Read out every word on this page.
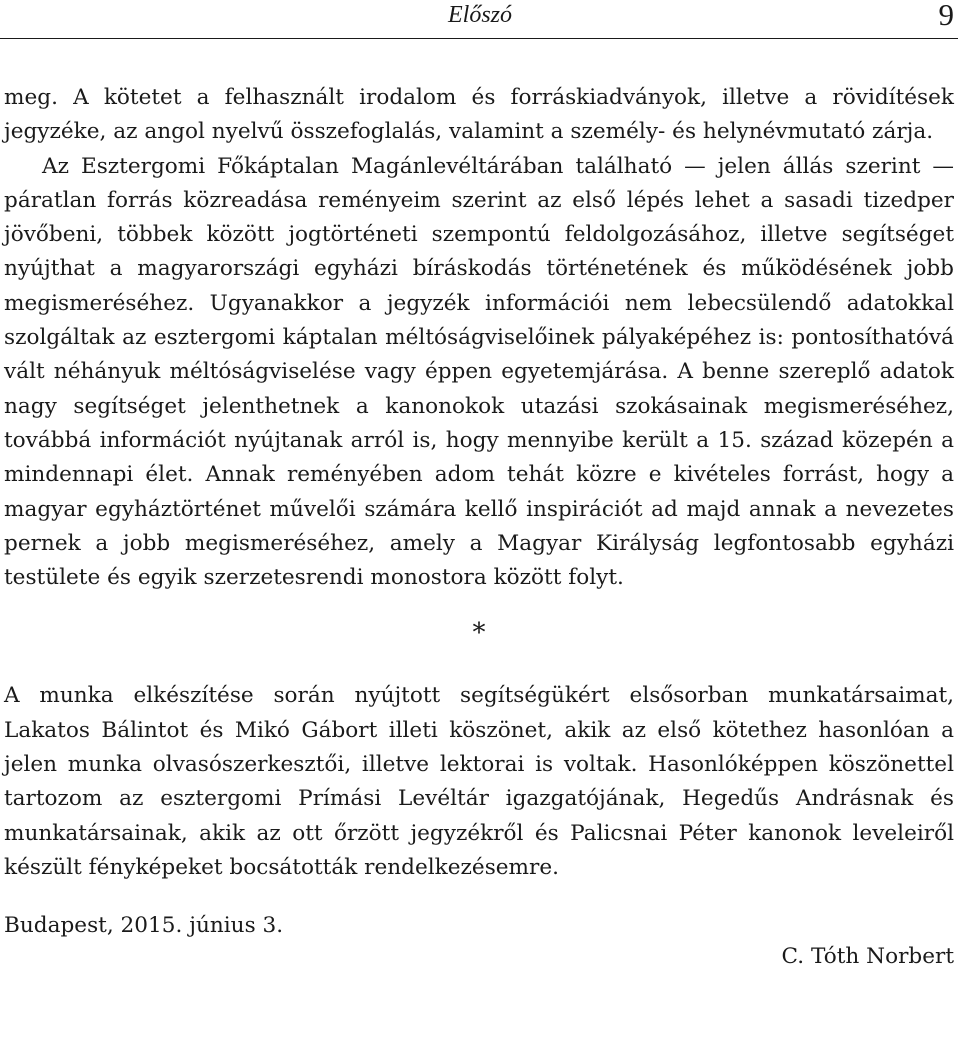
Előszó	9

meg. A kötetet a felhasznált irodalom és forráskiadványok, illetve a rövidítések jegyzéke, az angol nyelvű összefoglalás, valamint a személy- és helynévmutató zárja.

Az Esztergomi Főkáptalan Magánlevéltárában található — jelen állás szerint — páratlan forrás közreadása reményeim szerint az első lépés lehet a sasadi tizedper jövőbeni, többek között jogtörténeti szempontú feldolgozásához, illetve segítséget nyújthat a magyarországi egyházi bíráskodás történetének és működésének jobb megismeréséhez. Ugyanakkor a jegyzék információi nem lebecsülendő adatokkal szolgáltak az esztergomi káptalan méltóságviselőinek pályaképéhez is: pontosíthatóvá vált néhányuk méltóságviselése vagy éppen egyetemjárása. A benne szereplő adatok nagy segítséget jelenthetnek a kanonokok utazási szokásainak megismeréséhez, továbbá információt nyújtanak arról is, hogy mennyibe került a 15. század közepén a mindennapi élet. Annak reményében adom tehát közre e kivételes forrást, hogy a magyar egyháztörténet művelői számára kellő inspirációt ad majd annak a nevezetes pernek a jobb megismeréséhez, amely a Magyar Királyság legfontosabb egyházi testülete és egyik szerzetesrendi monostora között folyt.

*

A munka elkészítése során nyújtott segítségükért elsősorban munkatársaimat, Lakatos Bálintot és Mikó Gábort illeti köszönet, akik az első kötethez hasonlóan a jelen munka olvasószerkesztői, illetve lektorai is voltak. Hasonlóképpen köszönettel tartozom az esztergomi Prímási Levéltár igazgatójának, Hegedűs Andrásnak és munkatársainak, akik az ott őrzött jegyzékről és Palicsnai Péter kanonok leveleiről készült fényképeket bocsátották rendelkezésemre.

Budapest, 2015. június 3.

C. Tóth Norbert
